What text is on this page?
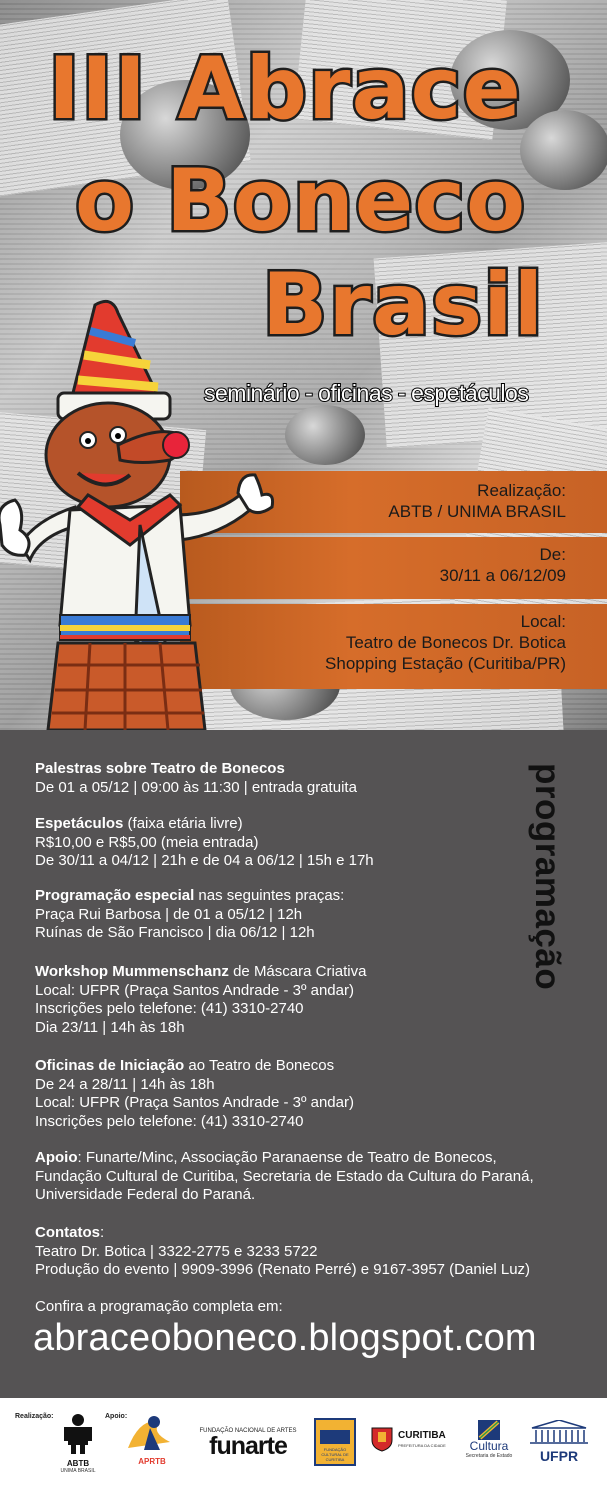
III Abrace
o Boneco
Brasil
seminário - oficinas - espetáculos
Realização:
ABTB / UNIMA BRASIL
De:
30/11 a 06/12/09
Local:
Teatro de Bonecos Dr. Botica
Shopping Estação (Curitiba/PR)
programação
Palestras sobre Teatro de Bonecos
De 01 a 05/12 | 09:00 às 11:30 | entrada gratuita
Espetáculos (faixa etária livre)
R$10,00 e R$5,00 (meia entrada)
De 30/11 a 04/12 | 21h e de 04 a 06/12 | 15h e 17h
Programação especial nas seguintes praças:
Praça Rui Barbosa | de 01 a 05/12 | 12h
Ruínas de São Francisco | dia 06/12 | 12h
Workshop Mummenschanz de Máscara Criativa
Local: UFPR (Praça Santos Andrade - 3º andar)
Inscrições pelo telefone: (41) 3310-2740
Dia 23/11 | 14h às 18h
Oficinas de Iniciação ao Teatro de Bonecos
De 24 a 28/11 | 14h às 18h
Local: UFPR (Praça Santos Andrade - 3º andar)
Inscrições pelo telefone: (41) 3310-2740
Apoio: Funarte/Minc, Associação Paranaense de Teatro de Bonecos,
Fundação Cultural de Curitiba, Secretaria de Estado da Cultura do Paraná,
Universidade Federal do Paraná.
Contatos:
Teatro Dr. Botica | 3322-2775 e 3233 5722
Produção do evento | 9909-3996 (Renato Perré) e 9167-3957 (Daniel Luz)
Confira a programação completa em:
abraceoboneco.blogspot.com
Realização:	Apoio:
ABTB
UNIMA BRASIL
APRTB
FUNDAÇÃO NACIONAL DE ARTES
funarte	FUNDAÇÃO CULTURAL DE CURITIBA
CURITIBA
PREFEITURA DA CIDADE	Cultura
Secretaria de Estado	UFPR
